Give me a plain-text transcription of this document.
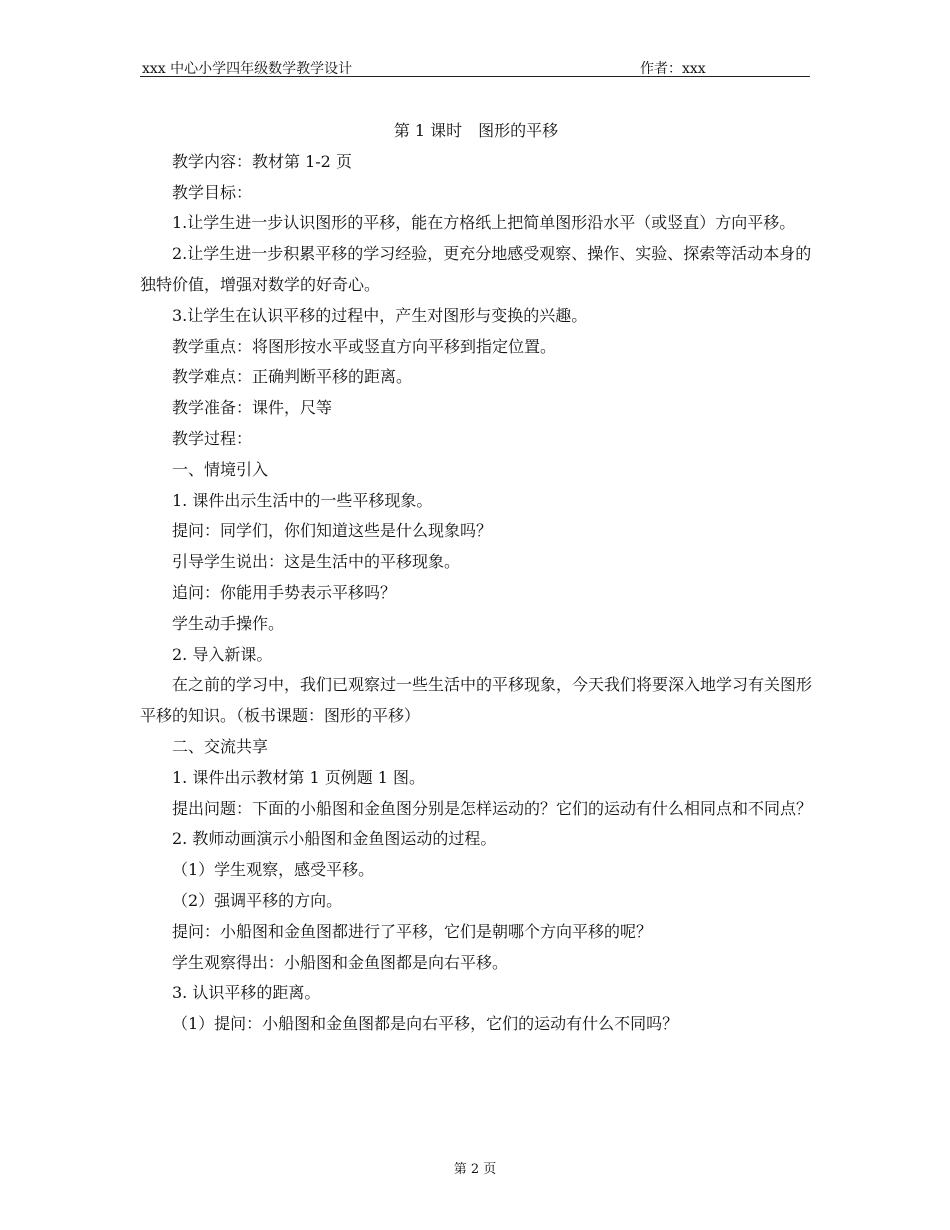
xxx 中心小学四年级数学教学设计	作者：xxx
第 1 课时　图形的平移

教学内容：教材第 1-2 页

教学目标：

1.让学生进一步认识图形的平移，能在方格纸上把简单图形沿水平（或竖直）方向平移。

2.让学生进一步积累平移的学习经验，更充分地感受观察、操作、实验、探索等活动本身的独特价值，增强对数学的好奇心。

3.让学生在认识平移的过程中，产生对图形与变换的兴趣。

教学重点：将图形按水平或竖直方向平移到指定位置。

教学难点：正确判断平移的距离。

教学准备：课件，尺等

教学过程：

一、情境引入

1. 课件出示生活中的一些平移现象。

提问：同学们，你们知道这些是什么现象吗？

引导学生说出：这是生活中的平移现象。

追问：你能用手势表示平移吗？

学生动手操作。

2. 导入新课。

在之前的学习中，我们已观察过一些生活中的平移现象，今天我们将要深入地学习有关图形平移的知识。（板书课题：图形的平移）

二、交流共享

1. 课件出示教材第 1 页例题 1 图。

提出问题：下面的小船图和金鱼图分别是怎样运动的？它们的运动有什么相同点和不同点？

2. 教师动画演示小船图和金鱼图运动的过程。

（1）学生观察，感受平移。

（2）强调平移的方向。

提问：小船图和金鱼图都进行了平移，它们是朝哪个方向平移的呢？

学生观察得出：小船图和金鱼图都是向右平移。

3. 认识平移的距离。

（1）提问：小船图和金鱼图都是向右平移，它们的运动有什么不同吗？

第 2 页
